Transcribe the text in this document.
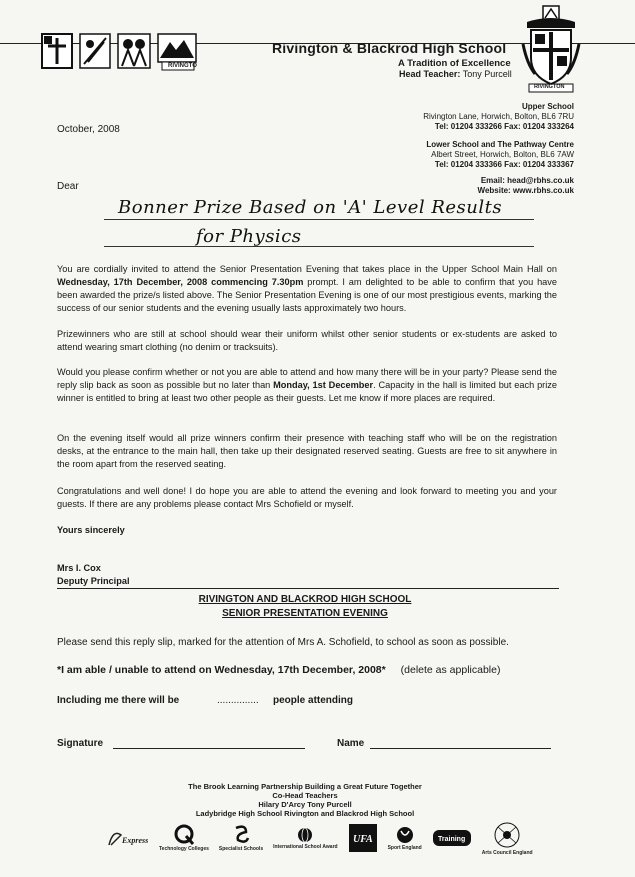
RIVINGTO
Rivington & Blackrod High School
A Tradition of Excellence
Head Teacher: Tony Purcell
RIVINGTON
Upper School
Rivington Lane, Horwich, Bolton, BL6 7RU
Tel: 01204 333266 Fax: 01204 333264
Lower School and The Pathway Centre
Albert Street, Horwich, Bolton, BL6 7AW
Tel: 01204 333366 Fax: 01204 333367
Email: head@rbhs.co.uk
Website: www.rbhs.co.uk
October, 2008
Dear
Bonner Prize Based on 'A' Level Results
for Physics
You are cordially invited to attend the Senior Presentation Evening that takes place in the Upper School Main Hall on Wednesday, 17th December, 2008 commencing 7.30pm prompt. I am delighted to be able to confirm that you have been awarded the prize/s listed above. The Senior Presentation Evening is one of our most prestigious events, marking the success of our senior students and the evening usually lasts approximately two hours.
Prizewinners who are still at school should wear their uniform whilst other senior students or ex-students are asked to attend wearing smart clothing (no denim or tracksuits).
Would you please confirm whether or not you are able to attend and how many there will be in your party? Please send the reply slip back as soon as possible but no later than Monday, 1st December. Capacity in the hall is limited but each prize winner is entitled to bring at least two other people as their guests. Let me know if more places are required.
On the evening itself would all prize winners confirm their presence with teaching staff who will be on the registration desks, at the entrance to the main hall, then take up their designated reserved seating. Guests are free to sit anywhere in the room apart from the reserved seating.
Congratulations and well done! I do hope you are able to attend the evening and look forward to meeting you and your guests. If there are any problems please contact Mrs Schofield or myself.
Yours sincerely
Mrs I. Cox
Deputy Principal
RIVINGTON AND BLACKROD HIGH SCHOOL
SENIOR PRESENTATION EVENING
Please send this reply slip, marked for the attention of Mrs A. Schofield, to school as soon as possible.
*I am able / unable to attend on Wednesday, 17th December, 2008* (delete as applicable)
Including me there will be	............... people attending
Signature	Name
The Brook Learning Partnership Building a Great Future Together
Co-Head Teachers
Hilary D'Arcy Tony Purcell
Ladybridge High School Rivington and Blackrod High School
Express
Technology Colleges Specialist Schools International School Award
UFA
Sport England
Training
Arts Council England
